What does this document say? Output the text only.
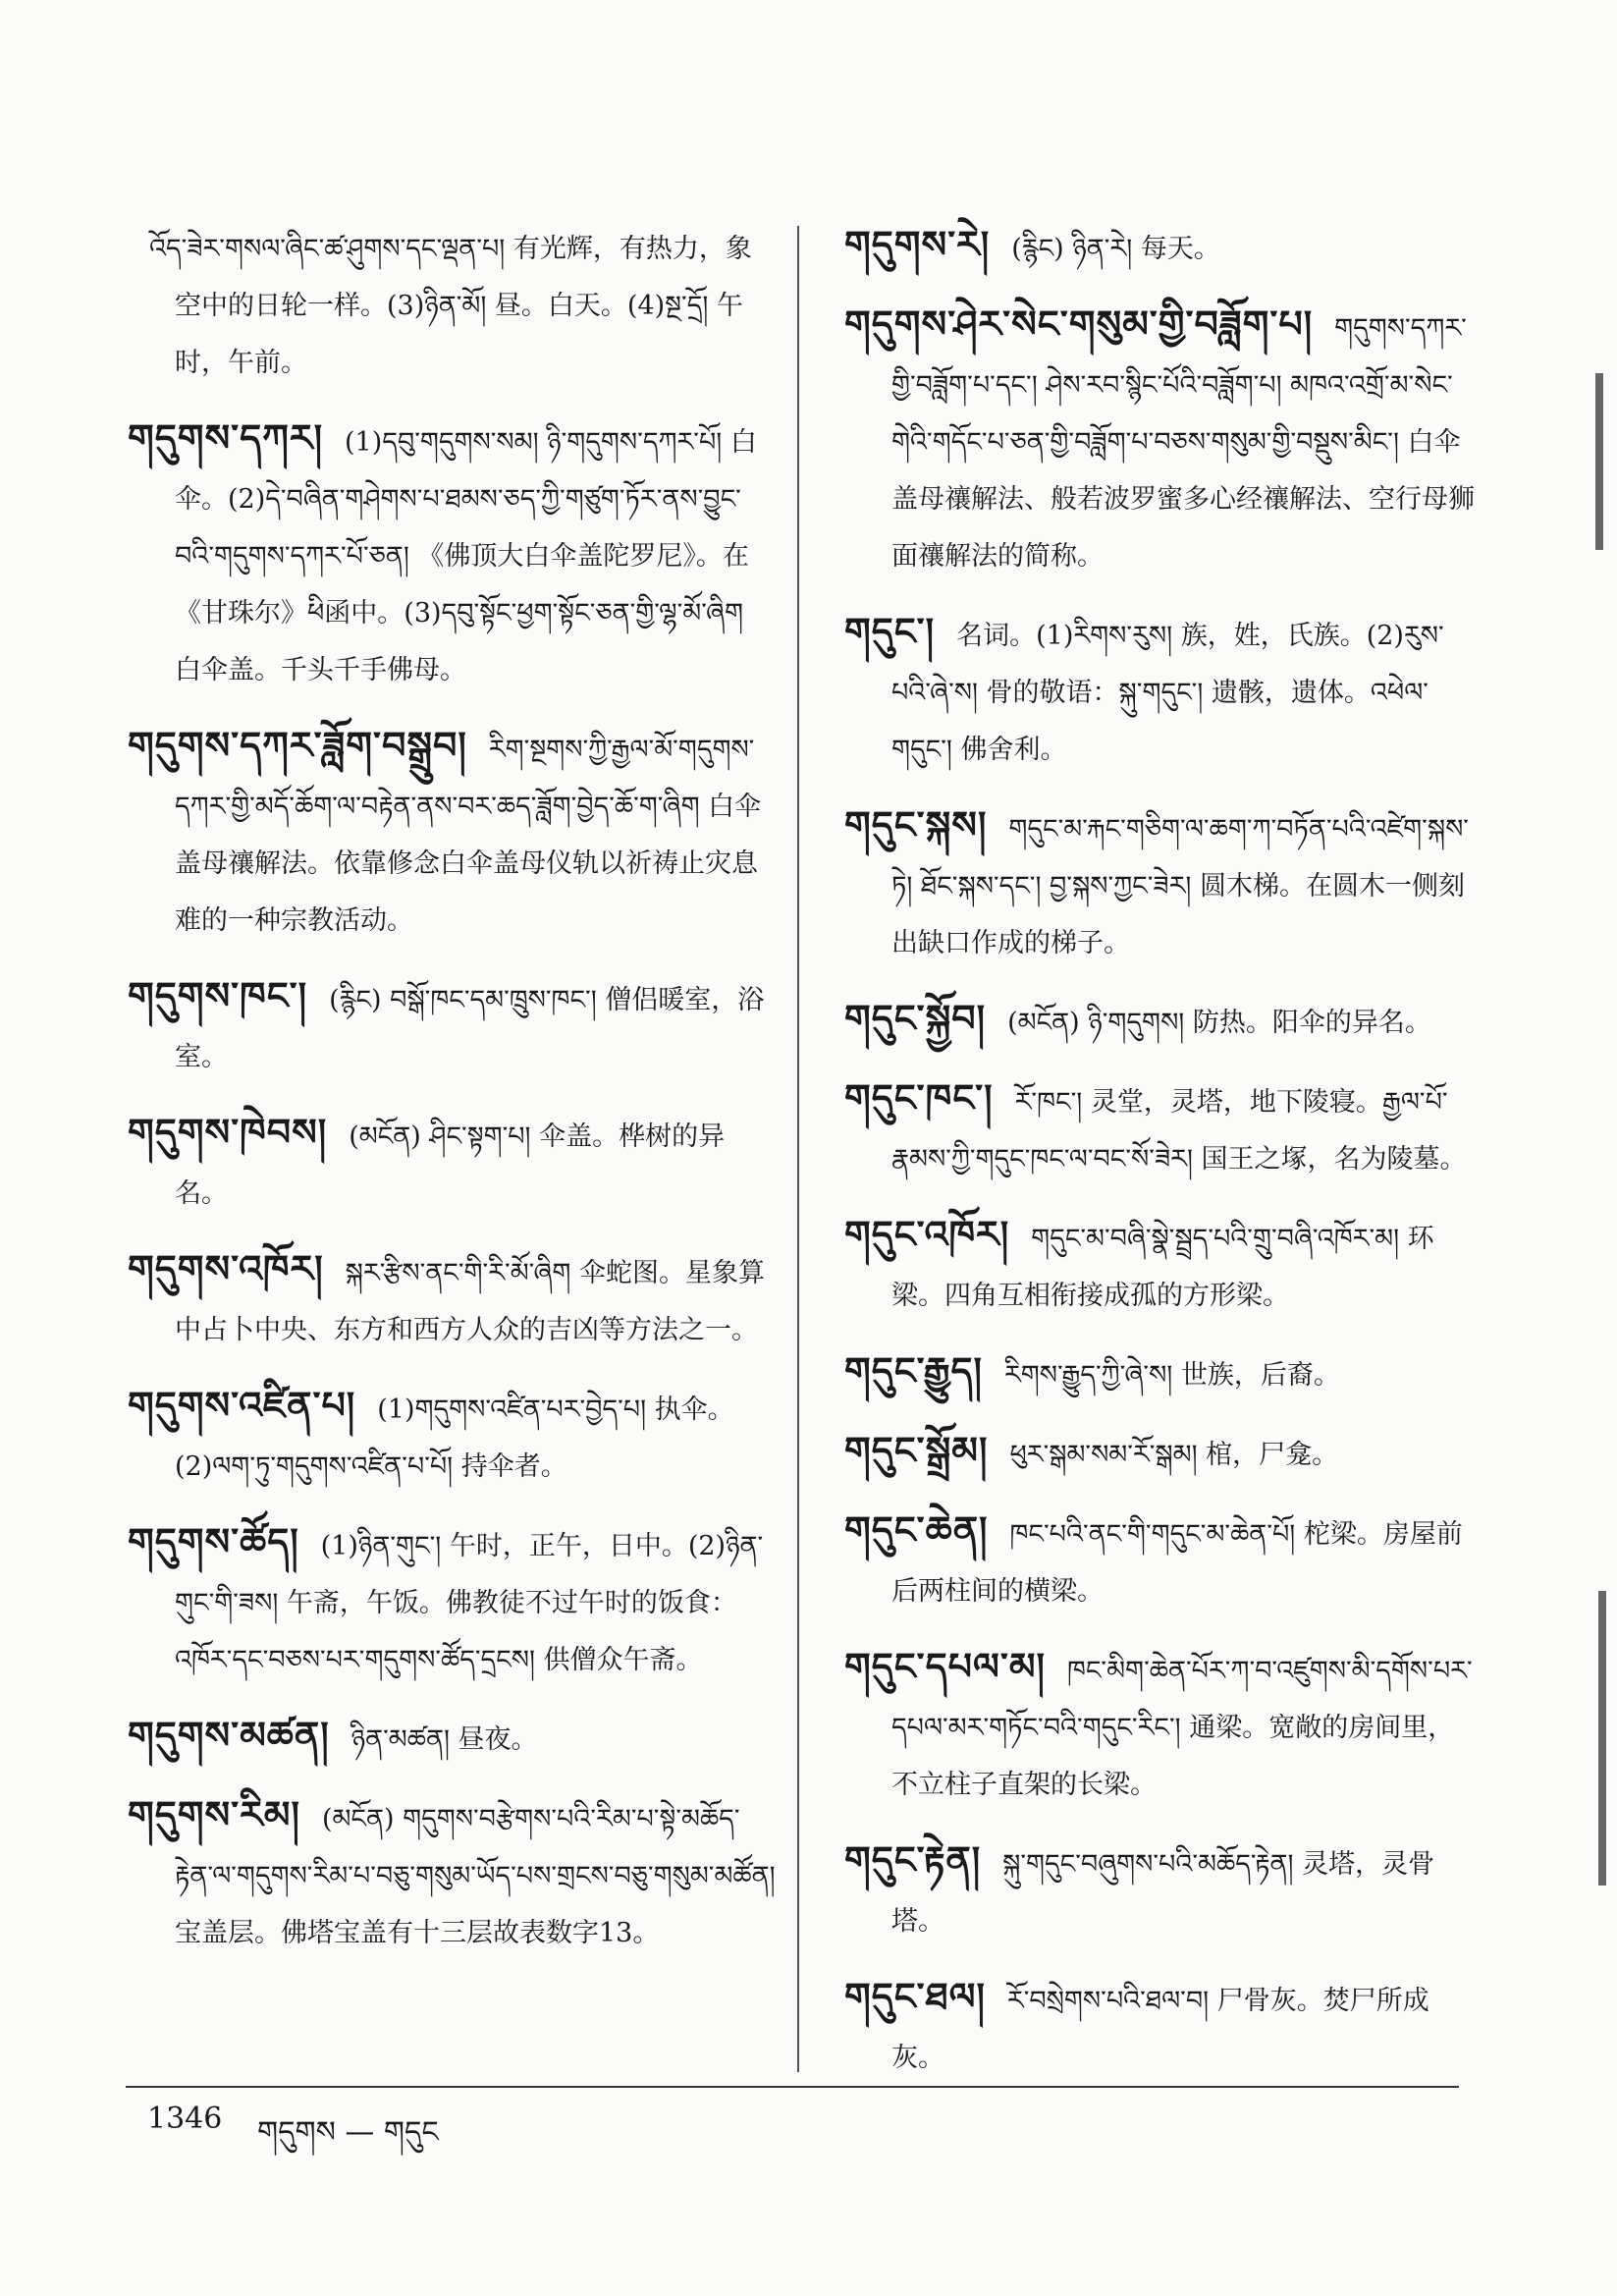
འོད་ཟེར་གསལ་ཞིང་ཚ་ཤུགས་དང་ལྡན་པ། 有光辉，有热力，象空中的日轮一样。(3)ཉིན་མོ། 昼。白天。(4)སྔ་དྲོ། 午时，午前。
གདུགས་དཀར། (1)དབུ་གདུགས་སམ། ཉི་གདུགས་དཀར་པོ། 白伞。(2)དེ་བཞིན་གཤེགས་པ་ཐམས་ཅད་ཀྱི་གཙུག་ཏོར་ནས་བྱུང་བའི་གདུགས་དཀར་པོ་ཅན། 《佛顶大白伞盖陀罗尼》。在《甘珠尔》ཕི函中。(3)དབུ་སྟོང་ཕྱག་སྟོང་ཅན་གྱི་ལྷ་མོ་ཞིག 白伞盖。千头千手佛母。
གདུགས་དཀར་ཟློག་བསྒྲུབ། རིག་སྔགས་ཀྱི་རྒྱལ་མོ་གདུགས་དཀར་གྱི་མདོ་ཆོག་ལ་བརྟེན་ནས་བར་ཆད་ཟློག་བྱེད་ཆོ་ག་ཞིག 白伞盖母禳解法。依靠修念白伞盖母仪轨以祈祷止灾息难的一种宗教活动。
གདུགས་ཁང་། (རྙིང) བསྒོ་ཁང་དམ་ཁྲུས་ཁང་། 僧侣暖室，浴室。
གདུགས་ཁེབས། (མངོན) ཤིང་སྟག་པ། 伞盖。桦树的异名。
གདུགས་འཁོར། སྐར་རྩིས་ནང་གི་རི་མོ་ཞིག 伞蛇图。星象算中占卜中央、东方和西方人众的吉凶等方法之一。
གདུགས་འཛིན་པ། (1)གདུགས་འཛིན་པར་བྱེད་པ། 执伞。(2)ལག་ཏུ་གདུགས་འཛིན་པ་པོ། 持伞者。
གདུགས་ཚོད། (1)ཉིན་གུང་། 午时，正午，日中。(2)ཉིན་གུང་གི་ཟས། 午斋，午饭。佛教徒不过午时的饭食：འཁོར་དང་བཅས་པར་གདུགས་ཚོད་དྲངས། 供僧众午斋。
གདུགས་མཚན། ཉིན་མཚན། 昼夜。
གདུགས་རིམ། (མངོན) གདུགས་བརྩེགས་པའི་རིམ་པ་སྟེ་མཆོད་རྟེན་ལ་གདུགས་རིམ་པ་བཅུ་གསུམ་ཡོད་པས་གྲངས་བཅུ་གསུམ་མཚོན། 宝盖层。佛塔宝盖有十三层故表数字13。
གདུགས་རེ། (རྙིང) ཉིན་རེ། 每天。
གདུགས་ཤེར་སེང་གསུམ་གྱི་བཟློག་པ། གདུགས་དཀར་གྱི་བཟློག་པ་དང་། ཤེས་རབ་སྙིང་པོའི་བཟློག་པ། མཁའ་འགྲོ་མ་སེང་གེའི་གདོང་པ་ཅན་གྱི་བཟློག་པ་བཅས་གསུམ་གྱི་བསྡུས་མིང་། 白伞盖母禳解法、般若波罗蜜多心经禳解法、空行母狮面禳解法的简称。
གདུང་། 名词。(1)རིགས་རུས། 族，姓，氏族。(2)རུས་པའི་ཞེ་ས། 骨的敬语：སྐུ་གདུང་། 遗骸，遗体。འཕེལ་གདུང་། 佛舍利。
གདུང་སྐས། གདུང་མ་རྐང་གཅིག་ལ་ཆག་ཀ་བཏོན་པའི་འཛེག་སྐས་ཏེ། ཐོང་སྐས་དང་། བྱ་སྐས་ཀྱང་ཟེར། 圆木梯。在圆木一侧刻出缺口作成的梯子。
གདུང་སྐྱོབ། (མངོན) ཉི་གདུགས། 防热。阳伞的异名。
གདུང་ཁང་། རོ་ཁང་། 灵堂，灵塔，地下陵寝。རྒྱལ་པོ་རྣམས་ཀྱི་གདུང་ཁང་ལ་བང་སོ་ཟེར། 国王之塚，名为陵墓。
གདུང་འཁོར། གདུང་མ་བཞི་སྣེ་སྦྲད་པའི་གྲུ་བཞི་འཁོར་མ། 环梁。四角互相衔接成孤的方形梁。
གདུང་རྒྱུད། རིགས་རྒྱུད་ཀྱི་ཞེ་ས། 世族，后裔。
གདུང་སྒྲོམ། ཕུར་སྒམ་སམ་རོ་སྒམ། 棺，尸龛。
གདུང་ཆེན། ཁང་པའི་ནང་གི་གདུང་མ་ཆེན་པོ། 柁梁。房屋前后两柱间的横梁。
གདུང་དཔལ་མ། ཁང་མིག་ཆེན་པོར་ཀ་བ་འཛུགས་མི་དགོས་པར་དཔལ་མར་གཏོང་བའི་གདུང་རིང་། 通梁。宽敞的房间里，不立柱子直架的长梁。
གདུང་རྟེན། སྐུ་གདུང་བཞུགས་པའི་མཆོད་རྟེན། 灵塔，灵骨塔。
གདུང་ཐལ། རོ་བསྲེགས་པའི་ཐལ་བ། 尸骨灰。焚尸所成灰。
1346 གདུགས — གདུང
